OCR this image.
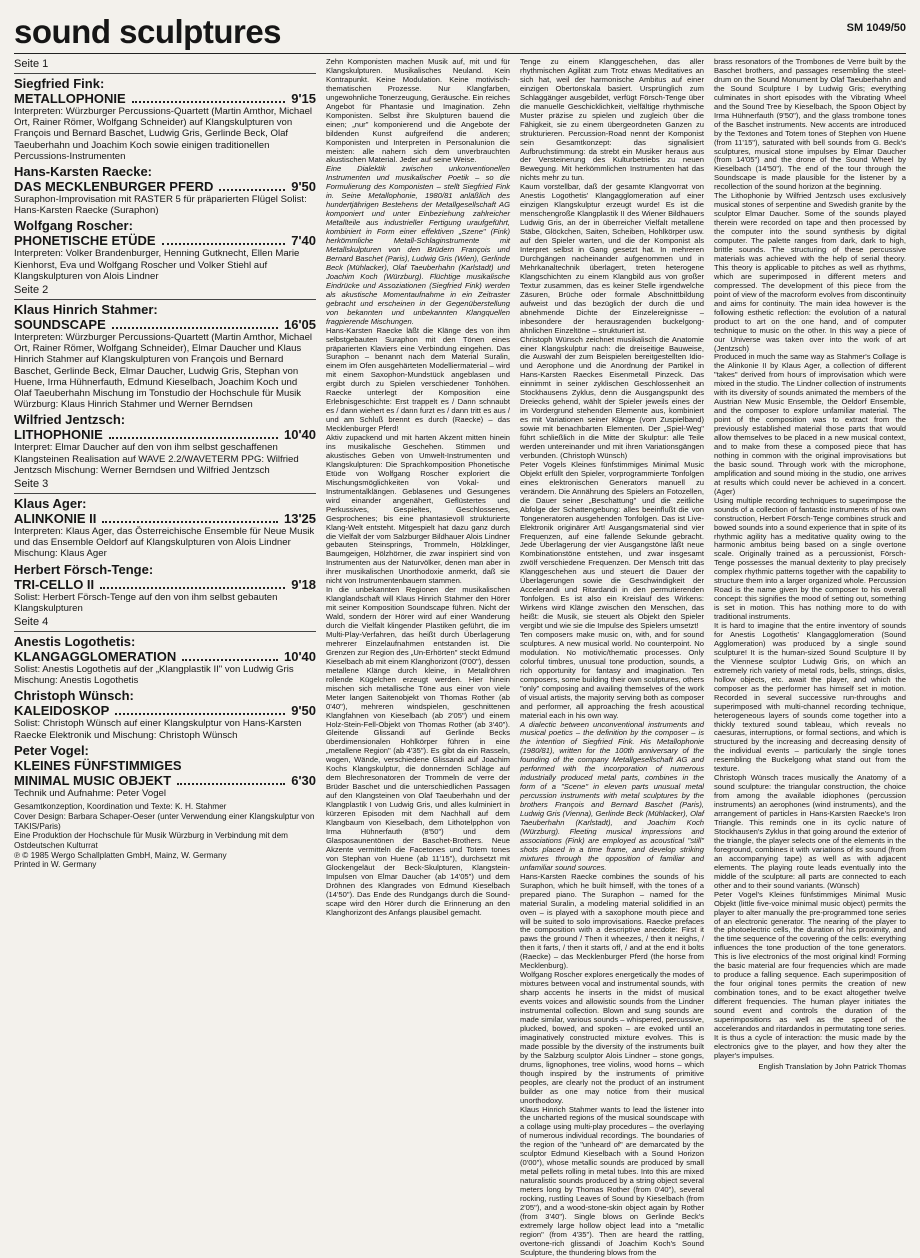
sound sculptures	SM 1049/50
Seite 1
Siegfried Fink:
METALLOPHONIE	9'15
Interpreten: Würzburger Percussions-Quartett (Martin Amthor, Michael Ort, Rainer Römer, Wolfgang Schneider) auf Klangskulpturen von François und Bernard Baschet, Ludwig Gris, Gerlinde Beck, Olaf Taeuberhahn und Joachim Koch sowie einigen traditionellen Percussions-Instrumenten
Hans-Karsten Raecke:
DAS MECKLENBURGER PFERD	9'50
Suraphon-Improvisation mit RASTER 5 für präparierten Flügel Solist: Hans-Karsten Raecke (Suraphon)
Wolfgang Roscher:
PHONETISCHE ETÜDE	7'40
Interpreten: Volker Brandenburger, Henning Gutknecht, Ellen Marie Kienhorst, Eva und Wolfgang Roscher und Volker Stiehl auf Klangskulpturen von Alois Lindner
Seite 2
Klaus Hinrich Stahmer:
SOUNDSCAPE	16'05
Interpreten: Würzburger Percussions-Quartett (Martin Amthor, Michael Ort, Rainer Römer, Wolfgang Schneider), Elmar Daucher und Klaus Hinrich Stahmer auf Klangskulpturen von François und Bernard Baschet, Gerlinde Beck, Elmar Daucher, Ludwig Gris, Stephan von Huene, Irma Hühnerfauth, Edmund Kieselbach, Joachim Koch und Olaf Taeuberhahn Mischung im Tonstudio der Hochschule für Musik Würzburg: Klaus Hinrich Stahmer und Werner Berndsen
Wilfried Jentzsch:
LITHOPHONIE	10'40
Interpret: Elmar Daucher auf den von ihm selbst geschaffenen Klangsteinen Realisation auf WAVE 2.2/WAVETERM PPG: Wilfried Jentzsch Mischung: Werner Berndsen und Wilfried Jentzsch
Seite 3
Klaus Ager:
ALINKONIE II	13'25
Interpreten: Klaus Ager, das Österreichische Ensemble für Neue Musik und das Ensemble Oeldorf auf Klangskulpturen von Alois Lindner Mischung: Klaus Ager
Herbert Försch-Tenge:
TRI-CELLO II	9'18
Solist: Herbert Försch-Tenge auf den von ihm selbst gebauten Klangskulpturen
Seite 4
Anestis Logothetis:
KLANGAGGLOMERATION	10'40
Solist: Anestis Logothetis auf der „Klangplastik II" von Ludwig Gris Mischung: Anestis Logothetis
Christoph Wünsch:
KALEIDOSKOP	9'50
Solist: Christoph Wünsch auf einer Klangskulptur von Hans-Karsten Raecke Elektronik und Mischung: Christoph Wünsch
Peter Vogel:
KLEINES FÜNFSTIMMIGES
MINIMAL MUSIC OBJEKT	6'30
Technik und Aufnahme: Peter Vogel
Gesamtkonzeption, Koordination und Texte: K. H. Stahmer
Cover Design: Barbara Schaper-Oeser (unter Verwendung einer Klangskulptur von TAKIS/Paris)
Eine Produktion der Hochschule für Musik Würzburg in Verbindung mit dem Ostdeutschen Kulturrat
℗ © 1985 Wergo Schallplatten GmbH, Mainz, W. Germany
Printed in W. Germany

Zehn Komponisten machen Musik auf, mit und für Klangskulpturen. Musikalisches Neuland. Kein Kontrapunkt. Keine Modulation. Keine motivisch-thematischen Prozesse. Nur Klangfarben, ungewohnliche Tonerzeugung, Geräusche. Ein reiches Angebot für Phantasie und Imagination. Zehn Komponisten. Selbst ihre Skulpturen bauend die einen; „nur" komponierend und die Angebote der bildenden Kunst aufgreifend die anderen; Komponisten und Interpreten in Personalunion die meisten: alle nahern sich dem unverbrauchten akustischen Material. Jeder auf seine Weise.

Eine Dialektik zwischen unkonventionellen Instrumenten und musikalischer Poetik – so die Formulierung des Komponisten – stellt Siegfried Fink in. Seine Metallophonie, 1980/81 anläßlich des hundertjährigen Bestehens der Metallgesellschaft AG komponiert und unter Einbeziehung zahlreicher Metallteile aus industrieller Fertigung uraufgeführt, kombiniert in Form einer effektiven „Szene" (Fink) herkömmliche Metall-Schlaginstrumente mit Metallskulpturen von den Brüdern François und Bernard Baschet (Paris), Ludwig Gris (Wien), Gerlinde Beck (Mühlacker), Olaf Taeuberhahn (Karlstadt) und Joachim Koch (Würzburg). Flüchtige musikalische Eindrücke und Assoziationen (Siegfried Fink) werden als akustische Momentaufnahme in ein Zeitraster gebracht und erscheinen in der Gegenüberstellung von bekannten und unbekannten Klangquellen fragpierende Mischungen.

Hans-Karsten Raecke läßt die Klänge des von ihm selbstgebauten Suraphon mit den Tönen eines präparierten Klaviers eine Verbindung eingehen. Das Suraphon – benannt nach dem Material Suralin, einem im Ofen ausgehärteten Modelliermaterial – wird mit einem Saxophon-Mundstück angeblasen und ergibt durch zu Spielen verschiedener Tonhöhen. Raecke unterlegt der Komposition eine Erlebnisgeschichte: Erst trappelt es / Dann schnaubt es / dann wiehert es / dann furzt es / dann tritt es aus / und am Schluß brennt es durch (Raecke) – das Mecklenburger Pferd!

Aktiv zupackend und mit harten Akzent mitten hinein ins musikalische Geschehen. Stimmen und akustisches Geben von Umwelt-Instrumenten und Klangskulpturen: Die Sprachkomposition Phonetische Etüde von Wolfgang Roscher exploriert die Mischungsmöglichkeiten von Vokal- und Instrumentalklängen. Geblasenes und Gesungenes wird einander angenähert, Geflüstertes und Perkussives, Gespieltes, Geschlossenes, Gesprochenes; bis eine phantasievoll strukturierte Klang-Welt entsteht. Mitgespielt hat dazu ganz durch die Vielfalt der vom Salzburger Bildhauer Alois Lindner gebauten Steinsprings, Trommeln, Hölzklinger, Baumgeigen, Hölzhörner, die zwar inspiriert sind von Instrumenten aus der Naturvölker, denen man aber in ihrer musikalischen Unorthodoxie anmerkt, daß sie nicht von Instrumentenbauern stammen.

In die unbekannten Regionen der musikalischen Klanglandschaft will Klaus Hinrich Stahmer den Hörer mit seiner Komposition Soundscape führen. Nicht der Wald, sondern der Hörer wird auf einer Wanderung durch die Vielfalt klingender Plastiken geführt, die im Multi-Play-Verfahren, das heißt durch Überlagerung mehrerer Einzelaufnahmen entstanden ist. Die Grenzen zur Region des „Un-Erhörten" steckt Edmund Kieselbach ab mit einem Klanghorizont (0'00"), dessen metallene Klänge durch kleine, in Metallröhren rollende Kügelchen erzeugt werden. Hier hinein mischen sich metallische Töne aus einer von viele Meter langen Saitenobjekt von Thomas Rother (ab 0'40"), mehreren windspielen, geschnittenen Klangfahnen von Kieselbach (ab 2'05") und einem Holz-Stein-Fell-Objekt von Thomas Rother (ab 3'40"). Gleitende Glissandi auf Gerlinde Becks überdimensionalen Hohlkörper führen in eine „metallene Region" (ab 4'35"). Es gibt da ein Rasseln, wogen, Wände, verschiedene Glissandi auf Joachim Kochs Klangskulptur, die donnernden Schläge auf dem Blechresonatoren der Trommeln de verre der Brüder Baschet und die unterschiedlichen Passagen auf den Klangsteinen von Olaf Taeuberhahn und der Klangplastik I von Ludwig Gris, und alles kulminiert in kürzeren Episoden mit dem Nachhall auf dem Klangbaum von Kieselbach, dem Lithotelpphon von Irma Hühnerfauth (8'50") und dem Glasposaunentönen der Baschet-Brothers. Neue Akzente vermitteln die Facetones und Totem tones von Stephan von Huene (ab 11'15"), durchsetzt mit Glockengeläut der Beck-Skulpturen, Klangstein-Impulsen von Elmar Daucher (ab 14'05") und dem Dröhnen des Klangrades von Edmund Kieselbach (14'50"). Das Ende des Rundgangs durch die Sound-scape wird den Hörer durch die Erinnerung an den Klanghorizont des Anfangs plausibel gemacht.

Tenge zu einem Klanggeschehen, das aller rhythmischen Agilität zum Trotz etwas Meditatives an sich hat, weil der harmonische Ambitus auf einer einzigen Obertonskala basiert. Ursprünglich zum Schlaggänger ausgebildet, verfügt Försch-Tenge über die manuelle Geschicklichkeit, vielfältige rhythmische Muster präzise zu spielen und zugleich über die Fähigkeit, sie zu einem übergeordneten Ganzen zu strukturieren. Percussion-Road nennt der Komponist sein Gesamtkonzept: das signalisiert Aufbruchstimmung: da strebt ein Musiker heraus aus der Versteinerung des Kulturbetriebs zu neuen Bewegung. Mit herkömmlichen Instrumenten hat das nichts mehr zu tun.

Kaum vorstellbar, daß der gesamte Klangvorrat von Anestis Logothetis' Klangagglomeration auf einer einzigen Klangskulptur erzeugt wurde! Es ist die menschengroße Klangplastik II des Wiener Bildhauers Ludwig Gris, an der in überreicher Vielfalt metallene Stäbe, Glöckchen, Saiten, Scheiben, Hohlkörper usw. auf den Spieler warten, und die der Komponist als Interpret selbst in Gang gesetzt hat. In mehreren Durchgängen nacheinander aufgenommen und in Mehrkanaltechnik überlagert, treten heterogene Klangschichten zu einem Klangbild aus von großer Textur zusammen, das es keiner Stelle irgendwelche Zäsuren, Brüche oder formale Abschnittbildung aufweist und das bezüglich der durch die und abnehmende Dichte der Einzelereignisse – inbesondere der herausragenden buckelgong-ähnlichen Einzeltöne – strukturiert ist.

Christoph Wünsch zeichnet musikalisch die Anatomie einer Klangskulptur nach: die dreiseitige Bauweise, die Auswahl der zum Beispielen bereitgestellten Idio- und Aerophone und die Anordnung der Partikel in Hans-Karsten Raeckes Eisenmetall Pinzeck. Das einnimmt in seiner zyklischen Geschlossenheit an Stockhausens Zyklus, denn die Ausgangspunkt des Dreiecks gehend, wählt der Spieler jeweils eines der im Vordergrund stehenden Elemente aus, kombiniert es mit Variationen seiner Klänge (vom Zuspielband) sowie mit benachbarten Elementen. Der „Spiel-Weg" führt schließlich in die Mitte der Skulptur: alle Teile werden untereinander und mit ihren Variationsgängen verbunden. (Christoph Wünsch)

Peter Vogels Kleines fünfstimmiges Minimal Music Objekt erfüllt den Spieler, vorprogrammierte Tonfolgen eines elektronischen Generators manuell zu verändern. Die Annährung des Spielers an Fotozellen, die Dauer seiner „Beschattung" und die zeitliche Abfolge der Schattengebung: alles beeinflußt die von Tongeneratoren ausgehenden Tonfolgen. Das ist Live-Elektronik originärer Art! Ausgangsmaterial sind vier Frequenzen, auf eine fallende Sekunde gebracht. Jede Überlagerung der vier Ausgangstöne läßt neue Kombinationstöne entstehen, und zwar insgesamt zwölf verschiedene Frequenzen. Der Mensch tritt das Klanggeschehen aus und steuert die Dauer der Überlagerungen sowie die Geschwindigkeit der Accelerandi und Ritardandi in den permutierenden Tonfolgen. Es ist also ein Kreislauf des Wirkens: Wirkens wird Klänge zwischen den Menschen, das heißt: die Musik, sie steuert als Objekt den Spieler vergibt und wie sie die Impulse des Spielers umsetzt!

Ten composers make music on, with, and for sound sculptures. A new musical world. No counterpoint. No modulation. No motivic/thematic processes. Only colorful timbres, unusual tone production, sounds, a rich opportunity for fantasy and imagination. Ten composers, some building their own sculptures, others "only" composing and availing themselves of the work of visual artists, the majority serving both as composer and performer, all approaching the fresh acoustical material each in his own way.

A dialectic between unconventional instruments and musical poetics – the definition by the composer – is the intention of Siegfried Fink. His Metallophonie (1980/81), written for the 100th anniversary of the founding of the company Metallgesellschaft AG and performed with the incorporation of numerous industrially produced metal parts, combines in the form of a "Scene" in eleven parts unusual metal percussion instruments with metal sculptures by the brothers François and Bernard Baschet (Paris), Ludwig Gris (Vienna), Gerlinde Beck (Mühlacker), Olaf Taeuberhahn (Karlstadt), and Joachim Koch (Würzburg). Fleeting musical impressions and associations (Fink) are employed as acoustical "still" shots placed in a time frame, and develop striking mixtures through the opposition of familiar and unfamiliar sound sources.

Hans-Karsten Raecke combines the sounds of his Suraphon, which he built himself, with the tones of a prepared piano. The Suraphon – named for the material Suralin, a modeling material solidified in an oven – is played with a saxophone mouth piece and will be suited to solo improvisations. Raecke prefaces the composition with a descriptive anecdote: First it paws the ground / Then it wheezes, / then it neighs, / then it farts, / then it starts off, / and at the end it bolts (Raecke) – das Mecklenburger Pferd (the horse from Mecklenburg).

Wolfgang Roscher explores energetically the modes of mixtures between vocal and instrumental sounds, with sharp accents he inserts in the midst of musical events voices and allowistic sounds from the Lindner instrumental collection. Blown and sung sounds are made similar, various sounds – whispered, percussive, plucked, bowed, and spoken – are evoked until an imaginatively constructed mixture evolves. This is made possible by the diversity of the instruments built by the Salzburg sculptor Alois Lindner – stone gongs, drums, lignophones, tree violins, wood horns – which though inspired by the instruments of primitive peoples, are clearly not the product of an instrument builder as one may notice from their musical unorthodoxy.

Klaus Hinrich Stahmer wants to lead the listener into the uncharted regions of the musical soundscape with a collage using multi-play procedures – the overlaying of numerous individual recordings. The boundaries of the region of the "unheard of" are demarcated by the sculptor Edmund Kieselbach with a Sound Horizon (0'00"), whose metallic sounds are produced by small metal pellets rolling in metal tubes. Into this are mixed naturalistic sounds produced by a string object several meters long by Thomas Rother (from 0'40"), several rocking, rustling Leaves of Sound by Kieselbach (from 2'05"), and a wood-stone-skin object again by Rother (from 3'40"). Single blows on Gerlinde Beck's extremely large hollow object lead into a "metallic region" (from 4'35"). Then are heard the rattling, overtone-rich glissandi of Joachim Koch's Sound Sculpture, the thundering blows from the

brass resonators of the Trombones de Verre built by the Baschet brothers, and passages resembling the steel-drum on the Sound Monument by Olaf Taeuberhahn and the Sound Sculpture I by Ludwig Gris; everything culminates in short episodes with the Vibrating Wheel and the Sound Tree by Kieselbach, the Spoon Object by Irma Hühnerfauth (9'50"), and the glass trombone tones of the Baschet instruments. New accents are introduced by the Textones and Totem tones of Stephen von Huene (from 11'15"), saturated with bell sounds from G. Beck's sculptures, musical stone impulses by Elmar Daucher (from 14'05") and the drone of the Sound Wheel by Kieselbach (14'50"). The end of the tour through the Soundscape is made plausible for the listener by a recollection of the sound horizon at the beginning.

The Lithophonie by Wilfried Jentzsch uses exclusively musical stones of serpentine and Swedish granite by the sculptor Elmar Daucher. Some of the sounds played therein were recorded on tape and then processed by the computer into the sound synthesis by digital computer. The palette ranges from dark, dark to high, brittle sounds. The structuring of these percussive materials was achieved with the help of serial theory. This theory is applicable to pitches as well as rhythms, which are superimposed in different meters and compressed. The development of this piece from the point of view of the macroform evolves from discontinuity and aims for continuity. The main idea however is the following esthetic reflection: the evolution of a natural product to art on the one hand, and of computer technique to music on the other. In this way a piece of our Universe was taken over into the work of art (Jentzsch)

Produced in much the same way as Stahmer's Collage is the Alinkonie II by Klaus Ager, a collection of different "takes" derived from hours of improvisation which were mixed in the studio. The Lindner collection of instruments with its diversity of sounds animated the members of the Austrian New Music Ensemble, the Oeldorf Ensemble, and the composer to explore unfamiliar material. The point of the composition was to extract from the previously established material those parts that would allow themselves to be placed in a new musical context, and to make from these a composed piece that has nothing in common with the original improvisations but the basic sound. Through work with the microphone, amplification and sound mixing in the studio, one arrives at results which could never be achieved in a concert. (Ager)

Using multiple recording techniques to superimpose the sounds of a collection of fantastic instruments of his own construction, Herbert Försch-Tenge combines struck and bowed sounds into a sound experience that in spite of its rhythmic agility has a meditative quality owing to the harmonic ambitus being based on a single overtone scale. Originally trained as a percussionist, Försch-Tenge possesses the manual dexterity to play precisely complex rhythmic patterns together with the capability to structure them into a larger organized whole. Percussion Road is the name given by the composer to his overall concept: this signifies the mood of setting out, something is set in motion. This has nothing more to do with traditional instruments.

It is hard to imagine that the entire inventory of sounds for Anestis Logothetis' Klangagglomeration (Sound Agglomeration) was produced by a single sound sculpture! It is the human-sized Sound Sculpture II by the Viennese sculptor Ludwig Gris, on which an extremely rich variety of metal rods, bells, strings, disks, hollow objects, etc. await the player, and which the composer as the performer has himself set in motion. Recorded in several successive run-throughs and superimposed with multi-channel recording technique, heterogeneous layers of sounds come together into a thickly textured sound tableau, which reveals no caesuras, interruptions, or formal sections, and which is structured by the increasing and decreasing density of the individual events – particularly the single tones resembling the Buckelgong what stand out from the texture.

Christoph Wünsch traces musically the Anatomy of a sound sculpture: the triangular construction, the choice from among the available idiophones (percussion instruments) an aerophones (wind instruments), and the arrangement of particles in Hans-Karsten Raecke's Iron Triangle. This reminds one in its cyclic nature of Stockhausen's Zyklus in that going around the exterior of the triangle, the player selects one of the elements in the foreground, combines it with variations of its sound (from an accompanying tape) as well as with adjacent elements. The playing route leads eventually into the middle of the sculpture: all parts are connected to each other and to their sound variants. (Wünsch)

Peter Vogel's Kleines fünfstimmiges Minimal Music Objekt (little five-voice minimal music object) permits the player to alter manually the pre-programmed tone series of an electronic generator. The nearing of the player to the photoelectric cells, the duration of his proximity, and the time sequence of the covering of the cells: everything influences the tone production of the tone generators. This is live electronics of the most original kind! Forming the basic material are four frequencies which are made to produce a falling sequence. Each superimposition of the four original tones permits the creation of new combination tones, and to be exact altogether twelve different frequencies. The human player initiates the sound event and controls the duration of the superimpositions as well as the speed of the accelerandos and ritardandos in permutating tone series. It is thus a cycle of interaction: the music made by the electronics give to the player, and how they alter the player's impulses.

English Translation by John Patrick Thomas
